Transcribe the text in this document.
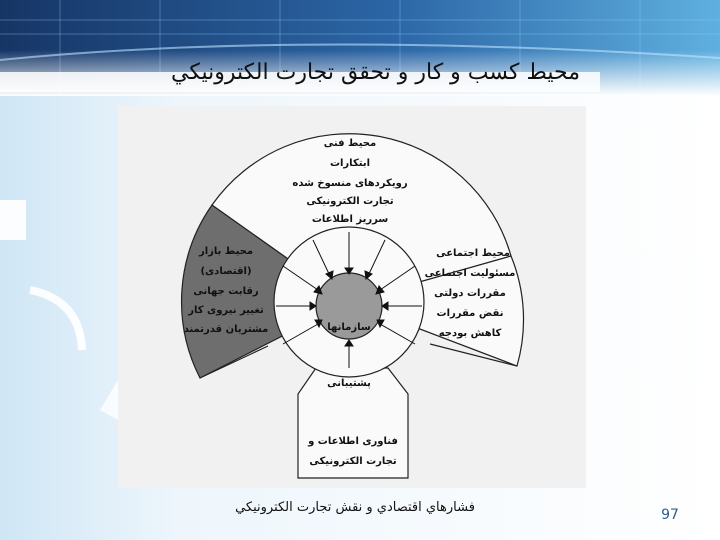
محيط كسب و كار و تحقق تجارت الكترونيكي
محیط فنی
ابتکارات
رویکردهای منسوخ شده
تجارت الکترونیکی
سرریز اطلاعات
محیط بازار
(اقتصادی)
رقابت جهانی
تغییر نیروی کار
مشتریان قدرتمند
محیط اجتماعی
مسئولیت اجتماعی
مقررات دولتی
نقض مقررات
کاهش بودجه
سازمانها
پشتیبانی
فناوری اطلاعات و
تجارت الکترونیکی
فشارهاي اقتصادي و نقش تجارت الكترونيكي	97
